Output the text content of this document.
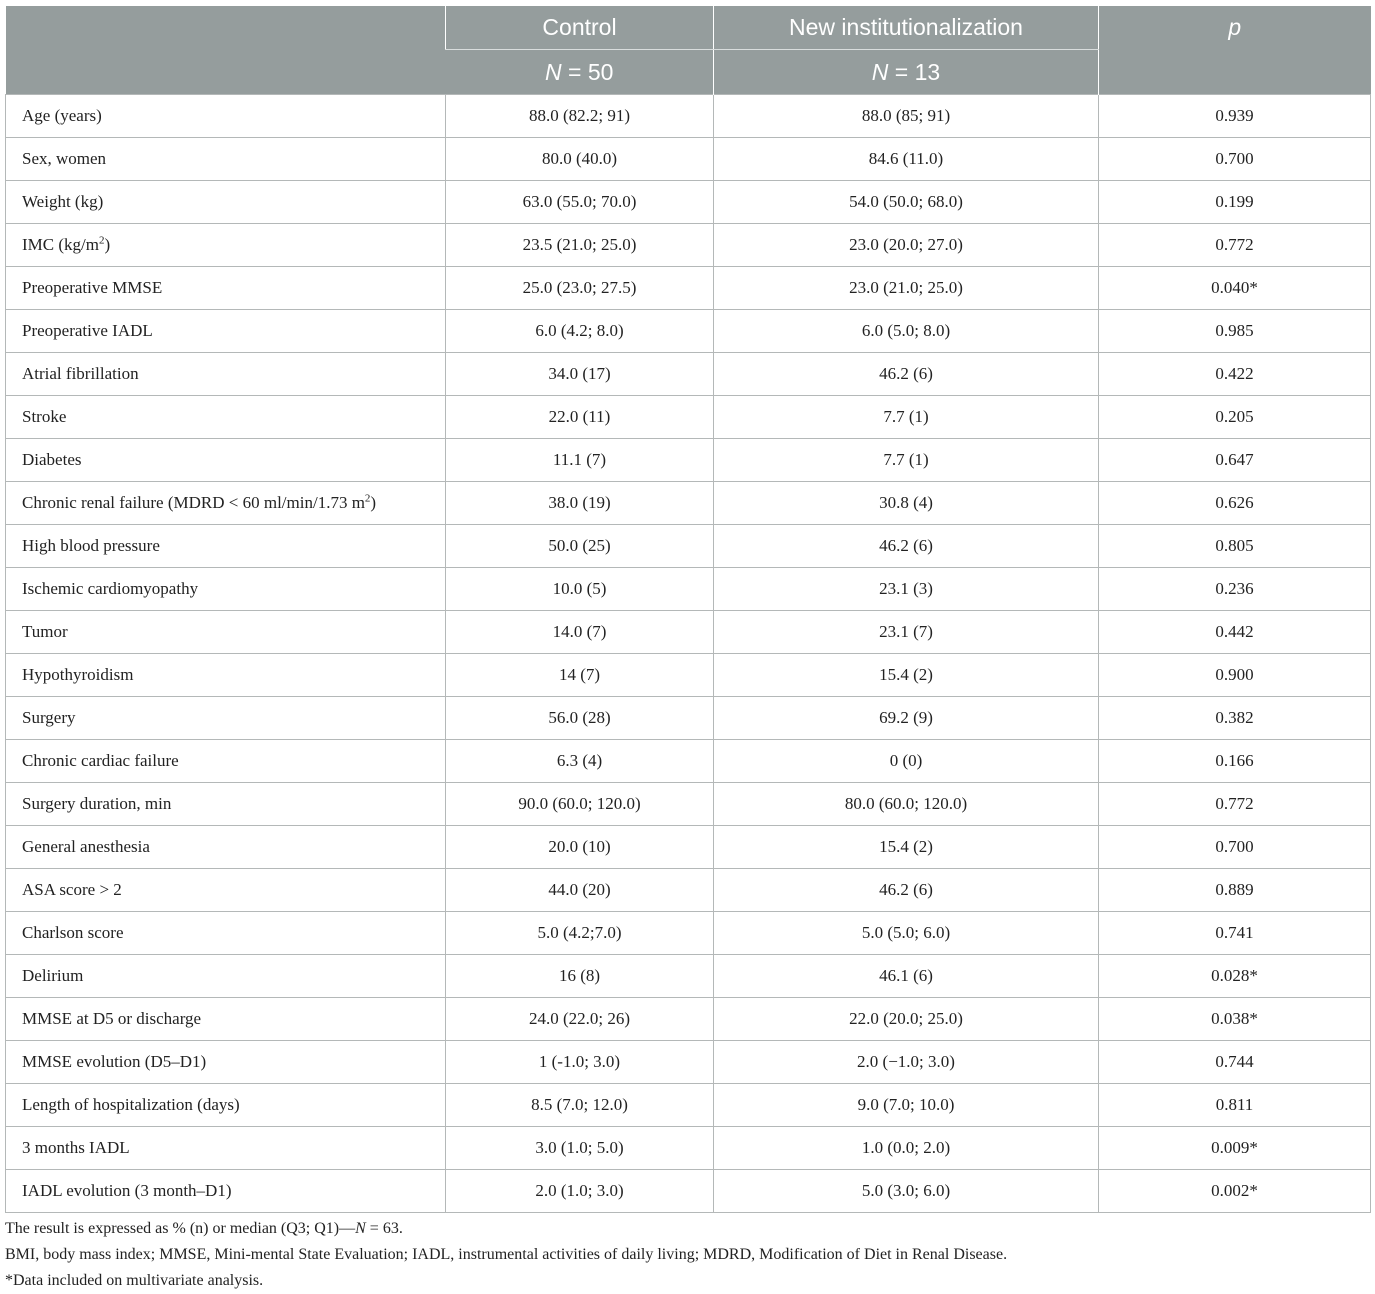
	Control	New institutionalization	p
	N = 50	N = 13	
Age (years)	88.0 (82.2; 91)	88.0 (85; 91)	0.939
Sex, women	80.0 (40.0)	84.6 (11.0)	0.700
Weight (kg)	63.0 (55.0; 70.0)	54.0 (50.0; 68.0)	0.199
IMC $(kg/m^2)$	23.5 (21.0; 25.0)	23.0 (20.0; 27.0)	0.772
Preoperative MMSE	25.0 (23.0; 27.5)	23.0 (21.0; 25.0)	0.040*
Preoperative IADL	6.0 (4.2; 8.0)	6.0 (5.0; 8.0)	0.985
Atrial fibrillation	34.0 (17)	46.2 (6)	0.422
Stroke	22.0 (11)	7.7 (1)	0.205
Diabetes	11.1 (7)	7.7 (1)	0.647
Chronic renal failure (MDRD < 60 ml/min/1.73 $m^2$)	38.0 (19)	30.8 (4)	0.626
High blood pressure	50.0 (25)	46.2 (6)	0.805
Ischemic cardiomyopathy	10.0 (5)	23.1 (3)	0.236
Tumor	14.0 (7)	23.1 (7)	0.442
Hypothyroidism	14 (7)	15.4 (2)	0.900
Surgery	56.0 (28)	69.2 (9)	0.382
Chronic cardiac failure	6.3 (4)	0 (0)	0.166
Surgery duration, min	90.0 (60.0; 120.0)	80.0 (60.0; 120.0)	0.772
General anesthesia	20.0 (10)	15.4 (2)	0.700
ASA score > 2	44.0 (20)	46.2 (6)	0.889
Charlson score	5.0 (4.2;7.0)	5.0 (5.0; 6.0)	0.741
Delirium	16 (8)	46.1 (6)	0.028*
MMSE at D5 or discharge	24.0 (22.0; 26)	22.0 (20.0; 25.0)	0.038*
MMSE evolution (D5–D1)	1 (-1.0; 3.0)	2.0 (−1.0; 3.0)	0.744
Length of hospitalization (days)	8.5 (7.0; 12.0)	9.0 (7.0; 10.0)	0.811
3 months IADL	3.0 (1.0; 5.0)	1.0 (0.0; 2.0)	0.009*
IADL evolution (3 month–D1)	2.0 (1.0; 3.0)	5.0 (3.0; 6.0)	0.002*
The result is expressed as % (n) or median (Q3; Q1)—N = 63.
BMI, body mass index; MMSE, Mini-mental State Evaluation; IADL, instrumental activities of daily living; MDRD, Modification of Diet in Renal Disease.
*Data included on multivariate analysis.
